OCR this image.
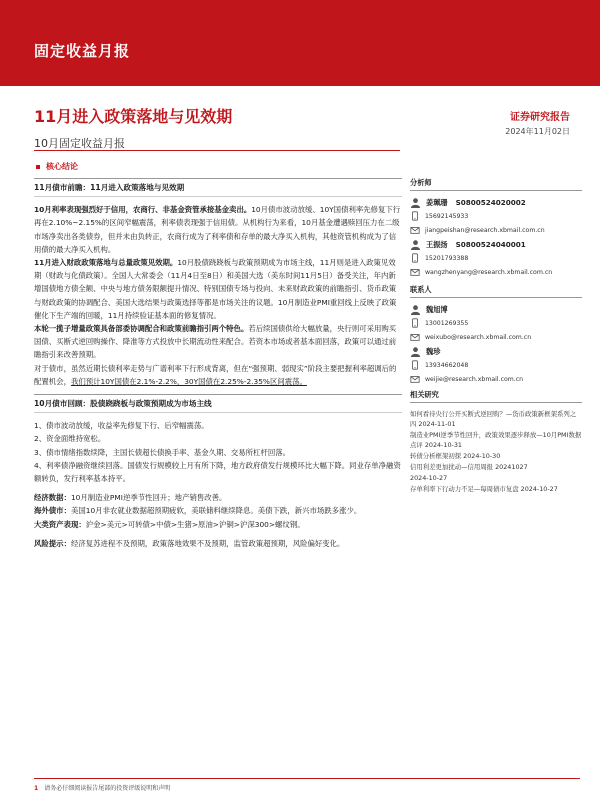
固定收益月报
11月进入政策落地与见效期	证券研究报告
2024年11月02日
10月固定收益月报
核心结论
11月债市前瞻：11月进入政策落地与见效期

10月利率表现强烈好于信用，农商行、非基金资管承接基金卖出。10月债市波动放缓、10Y国债利率先修复下行再在2.10%~2.15%的区间窄幅震荡，利率债表现强于信用债。从机构行为来看，10月基金遭遇赎回压力在二级市场净卖出各类债券，但并未由负转正，农商行成为了利率债和存单的最大净买入机构，其他资管机构成为了信用债的最大净买入机构。

11月进入财政政策落地与总量政策见效期。10月股债跷跷板与政策预期成为市场主线，11月则是进入政策见效期（财政与化债政策）。全国人大常委会（11月4日至8日）和美国大选（美东时间11月5日）备受关注，年内新增国债地方债全额、中央与地方债务限额提升情况、特别国债专场与投向、未来财政政策的前瞻指引、货币政策与财政政策的协调配合、美国大选结果与政策选择等都是市场关注的议题。10月制造业PMI重回线上反映了政策催化下生产端的回暖，11月持续验证基本面的修复情况。

本轮一揽子增量政策具备部委协调配合和政策前瞻指引两个特色。若后续国债供给大幅放量，央行则可采用购买国债、买断式逆回购操作、降准等方式投放中长期流动性来配合。若资本市场或者基本面回落，政策可以通过前瞻指引来改善预期。

对于债市，虽然近期长债利率走势与广谱利率下行形成背离，但在“强预期、弱现实”阶段主要把握利率超调后的配置机会，我们预计10Y国债在2.1%-2.2%，30Y国债在2.25%-2.35%区间震荡。

10月债市回顾：股债跷跷板与政策预期成为市场主线

1、债市波动放缓，收益率先修复下行、后窄幅震荡。

2、资金面维持宽松。

3、债市情绪指数续降，主国长债超长债换手率、基金久期、交易所杠杆回落。

4、利率债净融资继续回落。国债发行规模较上月有所下降，地方政府债发行规模环比大幅下降。同业存单净融资额转负，发行利率基本持平。

经济数据：10月制造业PMI逆季节性回升；地产销售改善。

海外债市：美国10月非农就业数据超预期疲软，美联储料继续降息。美债下跌，新兴市场跌多涨少。

大类资产表现：沪金>美元>可转债>中债>生猪>原油>沪铜>沪深300>螺纹钢。

风险提示：经济复苏进程不及预期，政策落地效果不及预期，监管政策超预期，风险偏好变化。

分析师
姜珮珊 S0800524020002
15692145933
jiangpeishan@research.xbmail.com.cn
王振扬 S0800524040001
15201793388
wangzhenyang@research.xbmail.com.cn
联系人
魏旭博
13001269355
weixubo@research.xbmail.com.cn
魏珍
13934662048
weijie@research.xbmail.com.cn
相关研究
如何看待央行公开买断式逆回购？—货币政策新框架系列之四 2024-11-01
制造业PMI逆季节性回升，政策效果逐步释放—10月PMI数据点评 2024-10-31
转债分析框架初探 2024-10-30
信用利差更加扰动—信用周报 20241027
2024-10-27
存单利率下行动力不足—每周债市复盘 2024-10-27
1 请务必仔细阅读报告尾部的投资评级说明和声明
